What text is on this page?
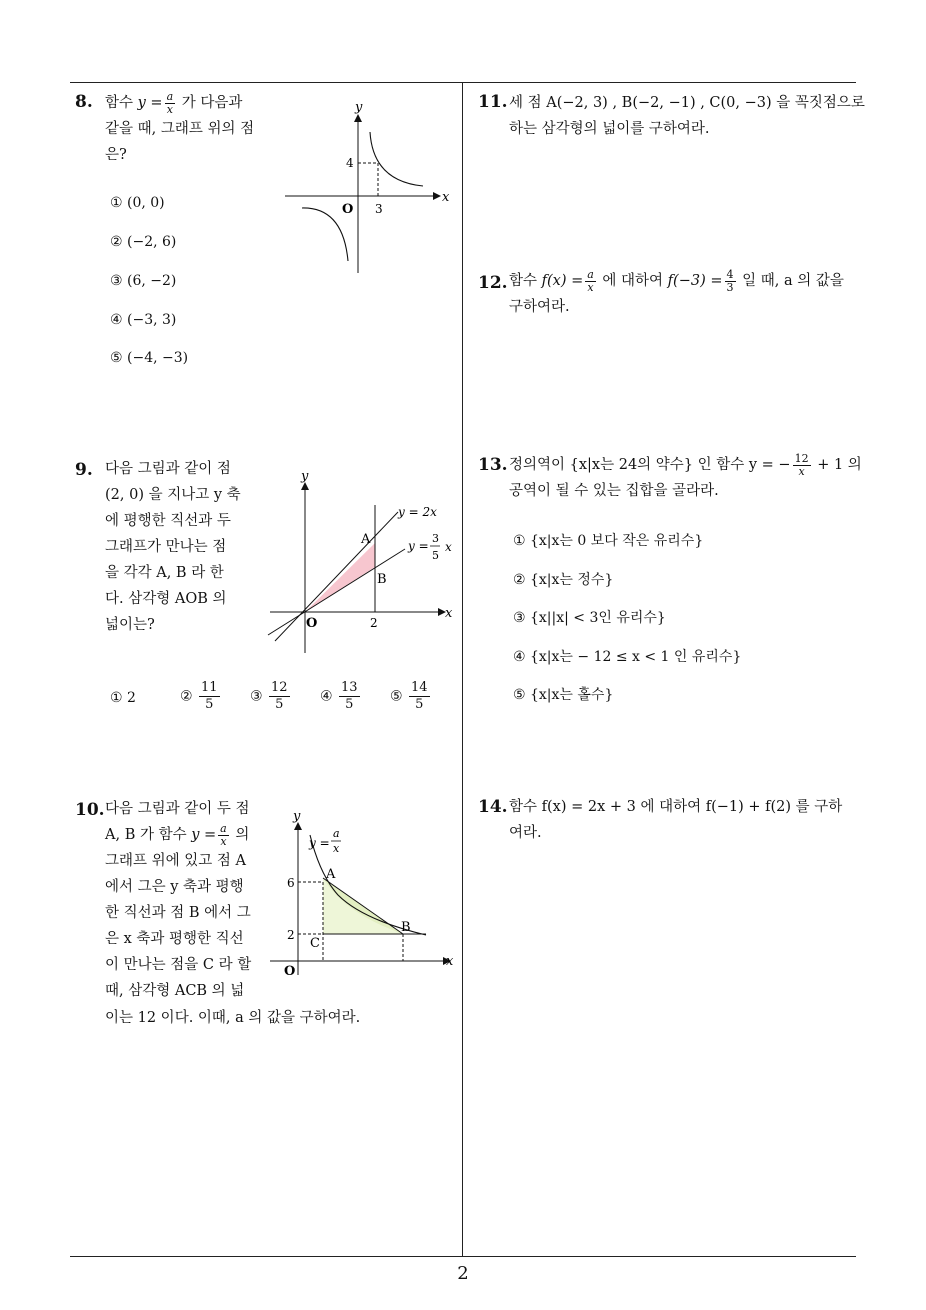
8. 함수 $y = \frac{a}{x}$ 가 다음과
같을 때, 그래프 위의 점
은?
① (0, 0)
② (−2, 6)
③ (6, −2)
④ (−3, 3)
⑤ (−4, −3)
y
x
O
4
3
9. 다음 그림과 같이 점
(2, 0) 을 지나고 y 축
에 평행한 직선과 두
그래프가 만나는 점
을 각각 A, B 라 한
다. 삼각형 AOB 의
넓이는?
① 2	② $\frac{11}{5}$ ③ $\frac{12}{5}$ ④ $\frac{13}{5}$ ⑤ $\frac{14}{5}$
y
x
O	2
y = 2x
y =
3
5
x
A
B
10. 다음 그림과 같이 두 점
A, B 가 함수 $y = \frac{a}{x}$ 의
그래프 위에 있고 점 A
에서 그은 y 축과 평행
한 직선과 점 B 에서 그
은 x 축과 평행한 직선
이 만나는 점을 C 라 할
때, 삼각형 ACB 의 넓
이는 12 이다. 이때, a 의 값을 구하여라.
y
x
O
6
2
y =
a
x
A
B
C
11. 세 점 A(−2, 3) , B(−2, −1) , C(0, −3) 을 꼭짓점으로
하는 삼각형의 넓이를 구하여라.
12. 함수 $f(x) = \frac{a}{x}$ 에 대하여 $f(-3) = \frac{4}{3}$ 일 때, a 의 값을
구하여라.
13. 정의역이 {x|x는 24의 약수} 인 함수 y = − $\frac{12}{x} + 1$ 의
공역이 될 수 있는 집합을 골라라.
① {x|x는 0 보다 작은 유리수}
② {x|x는 정수}
③ {x||x| < 3인 유리수}
④ {x|x는 − 12 ≤ x < 1 인 유리수}
⑤ {x|x는 홀수}
14. 함수 f(x) = 2x + 3 에 대하여 f(−1) + f(2) 를 구하
여라.
2
